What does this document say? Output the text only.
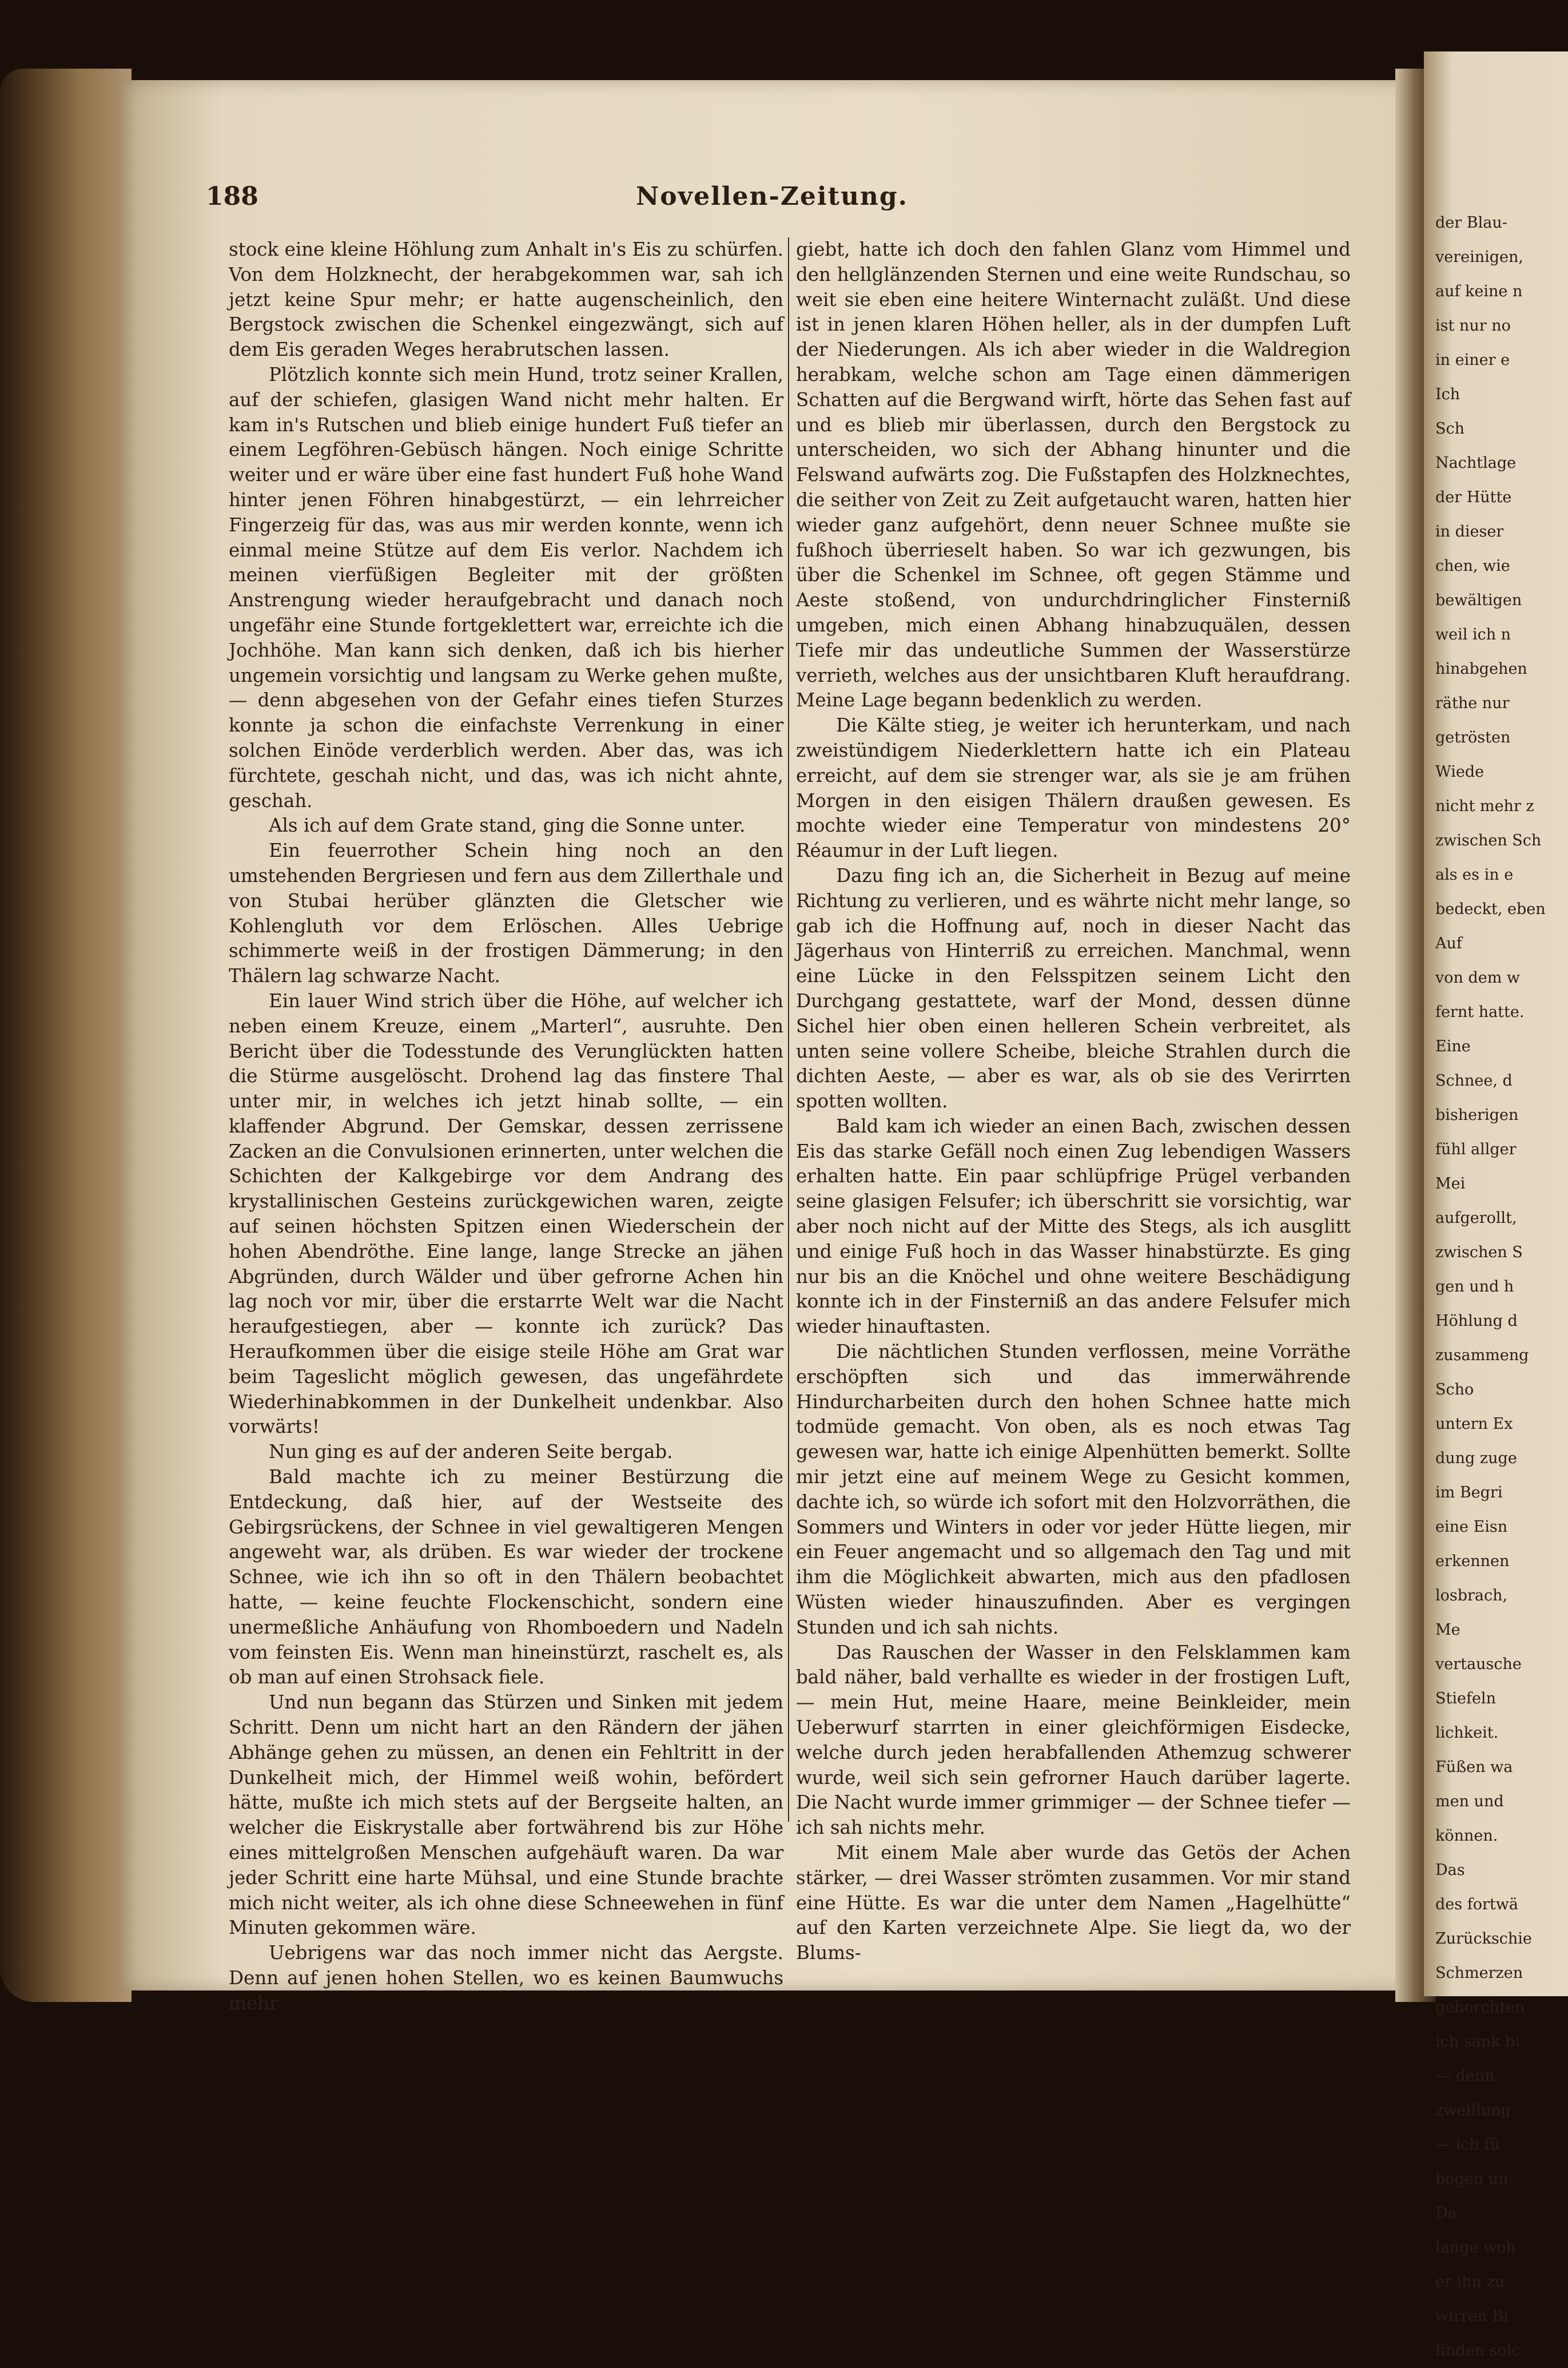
188	Novellen-Zeitung.

stock eine kleine Höhlung zum Anhalt in's Eis zu schürfen. Von dem Holzknecht, der herabgekommen war, sah ich jetzt keine Spur mehr; er hatte augenscheinlich, den Bergstock zwischen die Schenkel eingezwängt, sich auf dem Eis geraden Weges herabrutschen lassen.

Plötzlich konnte sich mein Hund, trotz seiner Krallen, auf der schiefen, glasigen Wand nicht mehr halten. Er kam in's Rutschen und blieb einige hundert Fuß tiefer an einem Legföhren-Gebüsch hängen. Noch einige Schritte weiter und er wäre über eine fast hundert Fuß hohe Wand hinter jenen Föhren hinabgestürzt, — ein lehrreicher Fingerzeig für das, was aus mir werden konnte, wenn ich einmal meine Stütze auf dem Eis verlor. Nachdem ich meinen vierfüßigen Begleiter mit der größten Anstrengung wieder heraufgebracht und danach noch ungefähr eine Stunde fortgeklettert war, erreichte ich die Jochhöhe. Man kann sich denken, daß ich bis hierher ungemein vorsichtig und langsam zu Werke gehen mußte, — denn abgesehen von der Gefahr eines tiefen Sturzes konnte ja schon die einfachste Verrenkung in einer solchen Einöde verderblich werden. Aber das, was ich fürchtete, geschah nicht, und das, was ich nicht ahnte, geschah.

Als ich auf dem Grate stand, ging die Sonne unter.

Ein feuerrother Schein hing noch an den umstehenden Bergriesen und fern aus dem Zillerthale und von Stubai herüber glänzten die Gletscher wie Kohlengluth vor dem Erlöschen. Alles Uebrige schimmerte weiß in der frostigen Dämmerung; in den Thälern lag schwarze Nacht.

Ein lauer Wind strich über die Höhe, auf welcher ich neben einem Kreuze, einem „Marterl“, ausruhte. Den Bericht über die Todesstunde des Verunglückten hatten die Stürme ausgelöscht. Drohend lag das finstere Thal unter mir, in welches ich jetzt hinab sollte, — ein klaffender Abgrund. Der Gemskar, dessen zerrissene Zacken an die Convulsionen erinnerten, unter welchen die Schichten der Kalkgebirge vor dem Andrang des krystallinischen Gesteins zurückgewichen waren, zeigte auf seinen höchsten Spitzen einen Wiederschein der hohen Abendröthe. Eine lange, lange Strecke an jähen Abgründen, durch Wälder und über gefrorne Achen hin lag noch vor mir, über die erstarrte Welt war die Nacht heraufgestiegen, aber — konnte ich zurück? Das Heraufkommen über die eisige steile Höhe am Grat war beim Tageslicht möglich gewesen, das ungefährdete Wiederhinabkommen in der Dunkelheit undenkbar. Also vorwärts!

Nun ging es auf der anderen Seite bergab.

Bald machte ich zu meiner Bestürzung die Entdeckung, daß hier, auf der Westseite des Gebirgsrückens, der Schnee in viel gewaltigeren Mengen angeweht war, als drüben. Es war wieder der trockene Schnee, wie ich ihn so oft in den Thälern beobachtet hatte, — keine feuchte Flockenschicht, sondern eine unermeßliche Anhäufung von Rhomboedern und Nadeln vom feinsten Eis. Wenn man hineinstürzt, raschelt es, als ob man auf einen Strohsack fiele.

Und nun begann das Stürzen und Sinken mit jedem Schritt. Denn um nicht hart an den Rändern der jähen Abhänge gehen zu müssen, an denen ein Fehltritt in der Dunkelheit mich, der Himmel weiß wohin, befördert hätte, mußte ich mich stets auf der Bergseite halten, an welcher die Eiskrystalle aber fortwährend bis zur Höhe eines mittelgroßen Menschen aufgehäuft waren. Da war jeder Schritt eine harte Mühsal, und eine Stunde brachte mich nicht weiter, als ich ohne diese Schneewehen in fünf Minuten gekommen wäre.

Uebrigens war das noch immer nicht das Aergste. Denn auf jenen hohen Stellen, wo es keinen Baumwuchs mehr

giebt, hatte ich doch den fahlen Glanz vom Himmel und den hellglänzenden Sternen und eine weite Rundschau, so weit sie eben eine heitere Winternacht zuläßt. Und diese ist in jenen klaren Höhen heller, als in der dumpfen Luft der Niederungen. Als ich aber wieder in die Waldregion herabkam, welche schon am Tage einen dämmerigen Schatten auf die Bergwand wirft, hörte das Sehen fast auf und es blieb mir überlassen, durch den Bergstock zu unterscheiden, wo sich der Abhang hinunter und die Felswand aufwärts zog. Die Fußstapfen des Holzknechtes, die seither von Zeit zu Zeit aufgetaucht waren, hatten hier wieder ganz aufgehört, denn neuer Schnee mußte sie fußhoch überrieselt haben. So war ich gezwungen, bis über die Schenkel im Schnee, oft gegen Stämme und Aeste stoßend, von undurchdringlicher Finsterniß umgeben, mich einen Abhang hinabzuquälen, dessen Tiefe mir das undeutliche Summen der Wasserstürze verrieth, welches aus der unsichtbaren Kluft heraufdrang. Meine Lage begann bedenklich zu werden.

Die Kälte stieg, je weiter ich herunterkam, und nach zweistündigem Niederklettern hatte ich ein Plateau erreicht, auf dem sie strenger war, als sie je am frühen Morgen in den eisigen Thälern draußen gewesen. Es mochte wieder eine Temperatur von mindestens 20° Réaumur in der Luft liegen.

Dazu fing ich an, die Sicherheit in Bezug auf meine Richtung zu verlieren, und es währte nicht mehr lange, so gab ich die Hoffnung auf, noch in dieser Nacht das Jägerhaus von Hinterriß zu erreichen. Manchmal, wenn eine Lücke in den Felsspitzen seinem Licht den Durchgang gestattete, warf der Mond, dessen dünne Sichel hier oben einen helleren Schein verbreitet, als unten seine vollere Scheibe, bleiche Strahlen durch die dichten Aeste, — aber es war, als ob sie des Verirrten spotten wollten.

Bald kam ich wieder an einen Bach, zwischen dessen Eis das starke Gefäll noch einen Zug lebendigen Wassers erhalten hatte. Ein paar schlüpfrige Prügel verbanden seine glasigen Felsufer; ich überschritt sie vorsichtig, war aber noch nicht auf der Mitte des Stegs, als ich ausglitt und einige Fuß hoch in das Wasser hinabstürzte. Es ging nur bis an die Knöchel und ohne weitere Beschädigung konnte ich in der Finsterniß an das andere Felsufer mich wieder hinauftasten.

Die nächtlichen Stunden verflossen, meine Vorräthe erschöpften sich und das immerwährende Hindurcharbeiten durch den hohen Schnee hatte mich todmüde gemacht. Von oben, als es noch etwas Tag gewesen war, hatte ich einige Alpenhütten bemerkt. Sollte mir jetzt eine auf meinem Wege zu Gesicht kommen, dachte ich, so würde ich sofort mit den Holzvorräthen, die Sommers und Winters in oder vor jeder Hütte liegen, mir ein Feuer angemacht und so allgemach den Tag und mit ihm die Möglichkeit abwarten, mich aus den pfadlosen Wüsten wieder hinauszufinden. Aber es vergingen Stunden und ich sah nichts.

Das Rauschen der Wasser in den Felsklammen kam bald näher, bald verhallte es wieder in der frostigen Luft, — mein Hut, meine Haare, meine Beinkleider, mein Ueberwurf starrten in einer gleichförmigen Eisdecke, welche durch jeden herabfallenden Athemzug schwerer wurde, weil sich sein gefrorner Hauch darüber lagerte. Die Nacht wurde immer grimmiger — der Schnee tiefer — ich sah nichts mehr.

Mit einem Male aber wurde das Getös der Achen stärker, — drei Wasser strömten zusammen. Vor mir stand eine Hütte. Es war die unter dem Namen „Hagelhütte“ auf den Karten verzeichnete Alpe. Sie liegt da, wo der Blums-

der Blau-
vereinigen,
auf keine n
ist nur no
in einer e
Ich
Sch
Nachtlage
der Hütte
in dieser
chen, wie
bewältigen
weil ich n
hinabgehen
räthe nur
getrösten
Wiede
nicht mehr z
zwischen Sch
als es in e
bedeckt, eben
Auf
von dem w
fernt hatte.
Eine
Schnee, d
bisherigen
fühl allger
Mei
aufgerollt,
zwischen S
gen und h
Höhlung d
zusammeng
Scho
untern Ex
dung zuge
im Begri
eine Eisn
erkennen
losbrach,
Me
vertausche
Stiefeln
lichkeit.
Füßen wa
men und
können.
Das
des fortwä
Zurückschie
Schmerzen
gehorchten
ich sank bi
— denn
zweiflung
— ich fü
bogen un
Da
lange woh
er ihn zu
wirren Bi
finden solc
